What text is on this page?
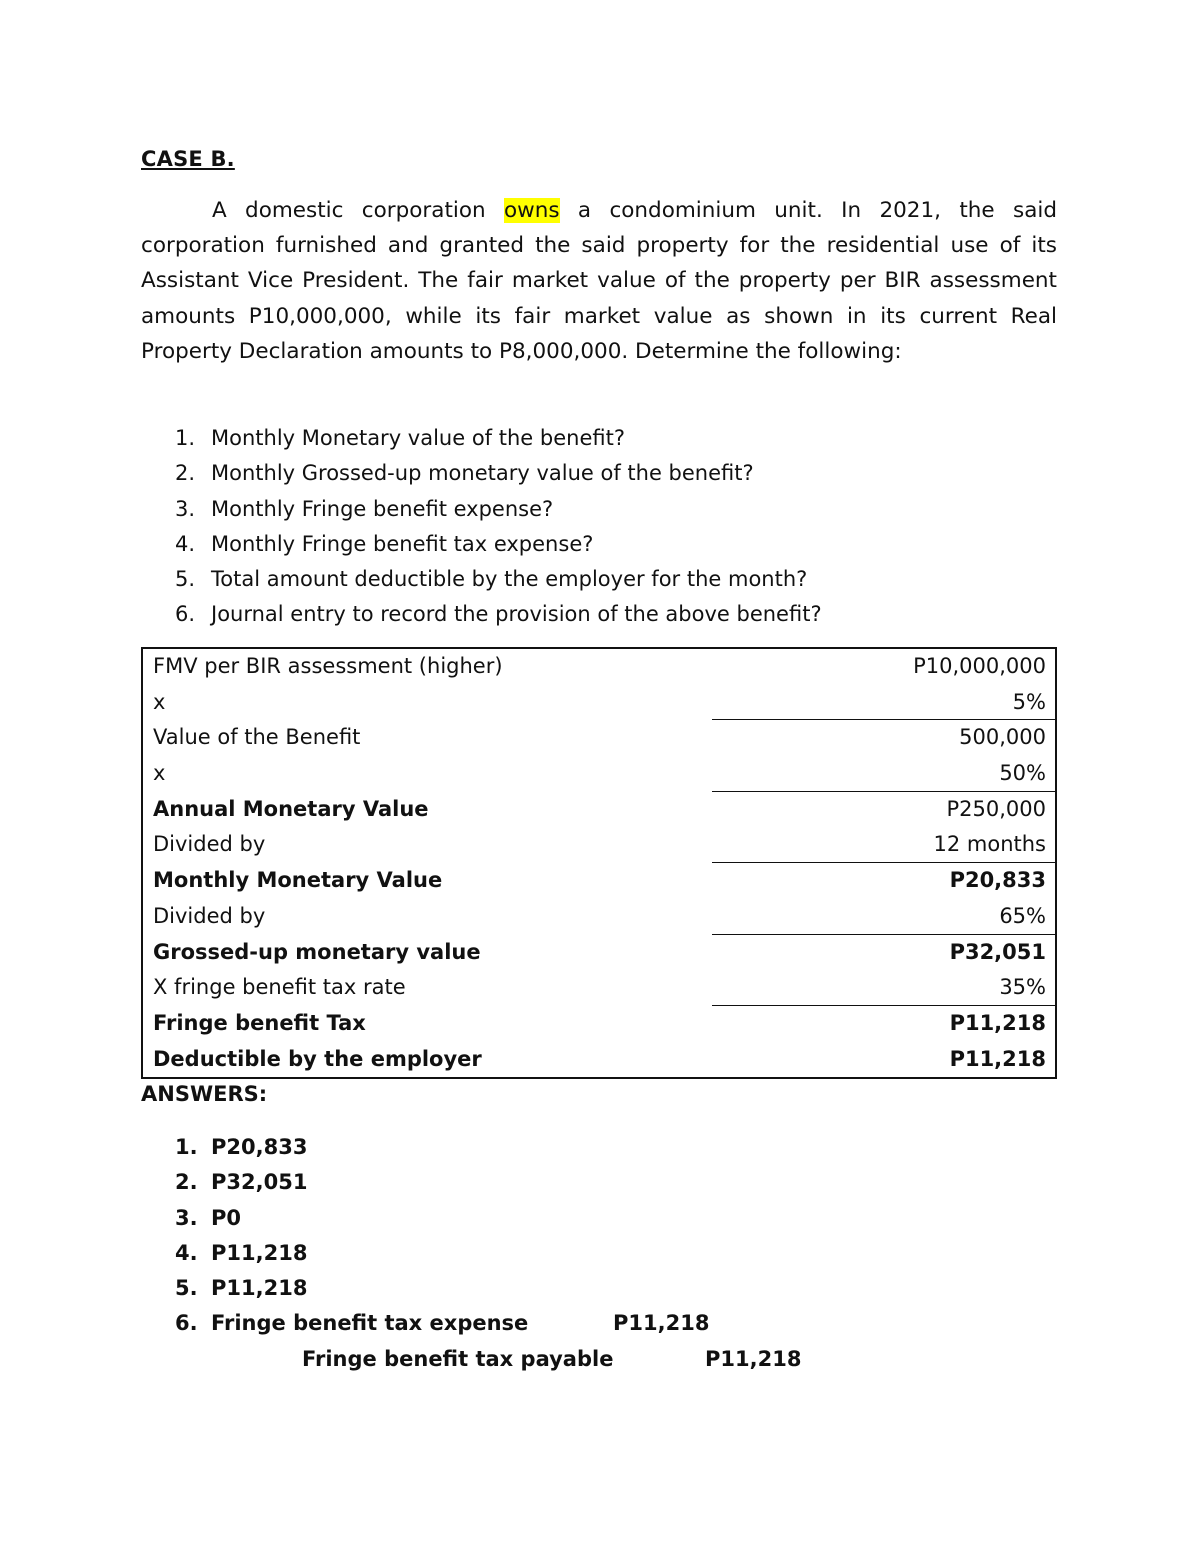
CASE B.

A domestic corporation owns a condominium unit. In 2021, the said corporation furnished and granted the said property for the residential use of its Assistant Vice President. The fair market value of the property per BIR assessment amounts P10,000,000, while its fair market value as shown in its current Real Property Declaration amounts to P8,000,000. Determine the following:

1. Monthly Monetary value of the benefit?
2. Monthly Grossed-up monetary value of the benefit?
3. Monthly Fringe benefit expense?
4. Monthly Fringe benefit tax expense?
5. Total amount deductible by the employer for the month?
6. Journal entry to record the provision of the above benefit?
FMV per BIR assessment (higher)	P10,000,000
x	5%
Value of the Benefit	500,000
x	50%
Annual Monetary Value	P250,000
Divided by	12 months
Monthly Monetary Value	P20,833
Divided by	65%
Grossed-up monetary value	P32,051
X fringe benefit tax rate	35%
Fringe benefit Tax	P11,218
Deductible by the employer	P11,218
ANSWERS:
1. P20,833
2. P32,051
3. P0
4. P11,218
5. P11,218
6. Fringe benefit tax expense	P11,218
Fringe benefit tax payable	P11,218
